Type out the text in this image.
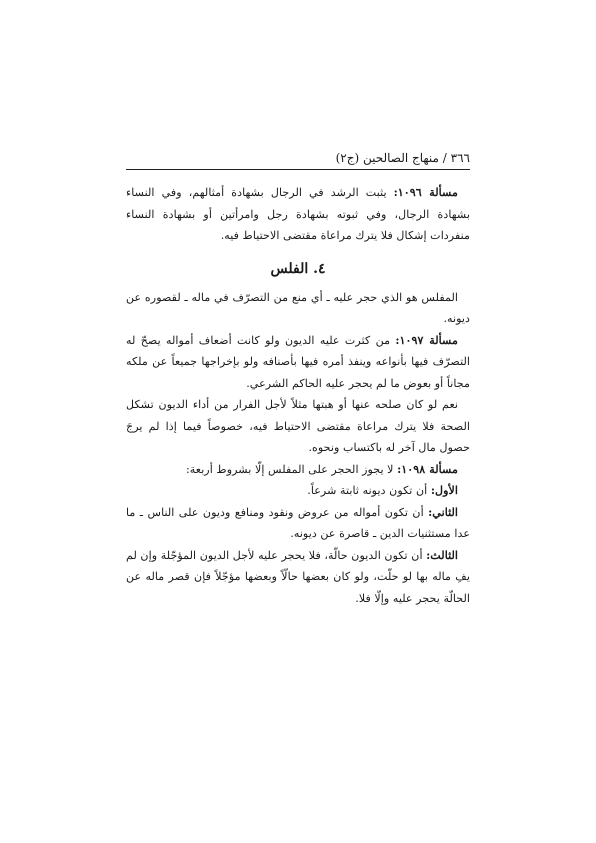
٣٦٦ / منهاج الصالحين (ج٢)

مسألة ١٠٩٦: يثبت الرشد في الرجال بشهادة أمثالهم، وفي النساء بشهادة الرجال، وفي ثبوته بشهادة رجل وامرأتين أو بشهادة النساء منفردات إشكال فلا يترك مراعاة مقتضى الاحتياط فيه.

٤. الفلس

المفلس هو الذي حجر عليه ـ أي منع من التصرّف في ماله ـ لقصوره عن ديونه.

مسألة ١٠٩٧: من كثرت عليه الديون ولو كانت أضعاف أمواله يصحّ له التصرّف فيها بأنواعه وينفذ أمره فيها بأصنافه ولو بإخراجها جميعاً عن ملكه مجاناً أو بعوض ما لم يحجر عليه الحاكم الشرعي.

نعم لو كان صلحه عنها أو هبتها مثلاً لأجل الفرار من أداء الديون تشكل الصحة فلا يترك مراعاة مقتضى الاحتياط فيه، خصوصاً فيما إذا لم يرجَ حصول مال آخر له باكتساب ونحوه.

مسألة ١٠٩٨: لا يجوز الحجر على المفلس إلّا بشروط أربعة:

الأول: أن تكون ديونه ثابتة شرعاً.

الثاني: أن تكون أمواله من عروض ونقود ومنافع وديون على الناس ـ ما عدا مستثنيات الدين ـ قاصرة عن ديونه.

الثالث: أن تكون الديون حالّة، فلا يحجر عليه لأجل الديون المؤجّلة وإن لم يفِ ماله بها لو حلّت، ولو كان بعضها حالّاً وبعضها مؤجّلاً فإن قصر ماله عن الحالّة يحجر عليه وإلّا فلا.
